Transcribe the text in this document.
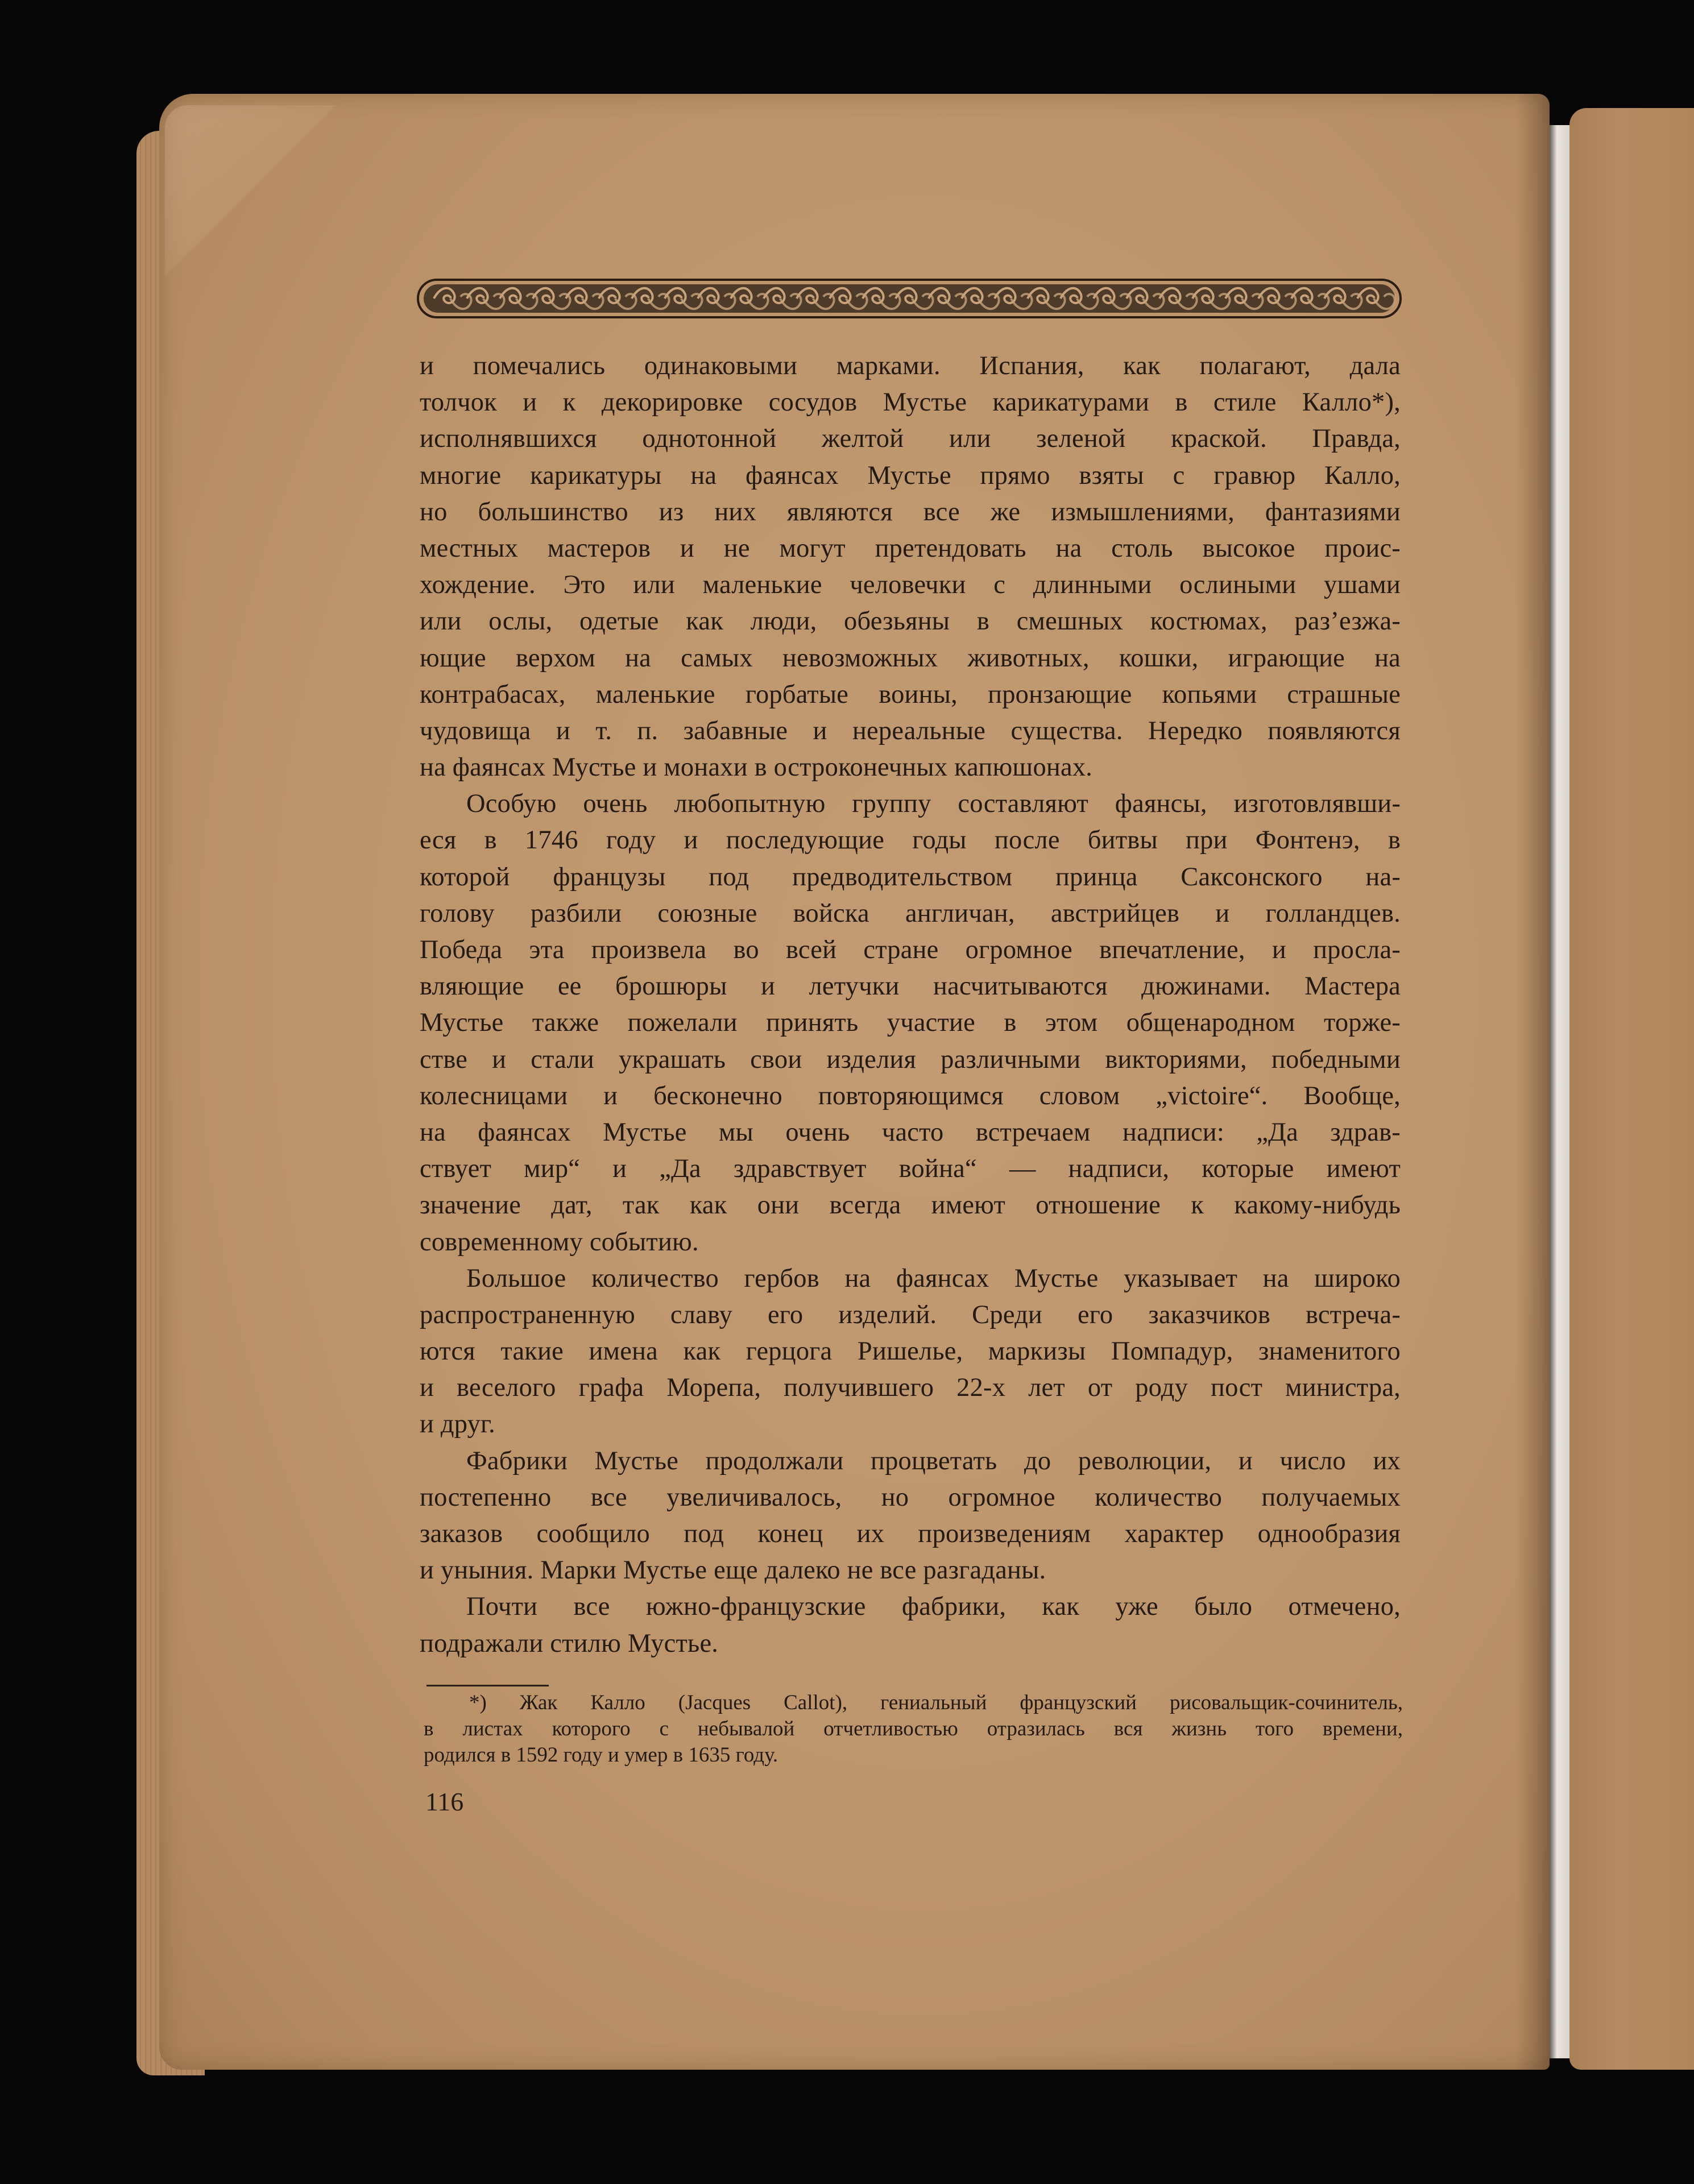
и помечались одинаковыми марками. Испания, как полагают, дала
толчок и к декорировке сосудов Мустье карикатурами в стиле Калло*),
исполнявшихся однотонной желтой или зеленой краской. Правда,
многие карикатуры на фаянсах Мустье прямо взяты с гравюр Калло,
но большинство из них являются все же измышлениями, фантазиями
местных мастеров и не могут претендовать на столь высокое проис-
хождение. Это или маленькие человечки с длинными ослиными ушами
или ослы, одетые как люди, обезьяны в смешных костюмах, раз’езжа-
ющие верхом на самых невозможных животных, кошки, играющие на
контрабасах, маленькие горбатые воины, пронзающие копьями страшные
чудовища и т. п. забавные и нереальные существа. Нередко появляются
на фаянсах Мустье и монахи в остроконечных капюшонах.
Особую очень любопытную группу составляют фаянсы, изготовлявши-
еся в 1746 году и последующие годы после битвы при Фонтенэ, в
которой французы под предводительством принца Саксонского на-
голову разбили союзные войска англичан, австрийцев и голландцев.
Победа эта произвела во всей стране огромное впечатление, и просла-
вляющие ее брошюры и летучки насчитываются дюжинами. Мастера
Мустье также пожелали принять участие в этом общенародном торже-
стве и стали украшать свои изделия различными викториями, победными
колесницами и бесконечно повторяющимся словом „victoire“. Вообще,
на фаянсах Мустье мы очень часто встречаем надписи: „Да здрав-
ствует мир“ и „Да здравствует война“ — надписи, которые имеют
значение дат, так как они всегда имеют отношение к какому-нибудь
современному событию.
Большое количество гербов на фаянсах Мустье указывает на широко
распространенную славу его изделий. Среди его заказчиков встреча-
ются такие имена как герцога Ришелье, маркизы Помпадур, знаменитого
и веселого графа Морепа, получившего 22-х лет от роду пост министра,
и друг.
Фабрики Мустье продолжали процветать до революции, и число их
постепенно все увеличивалось, но огромное количество получаемых
заказов сообщило под конец их произведениям характер однообразия
и уныния. Марки Мустье еще далеко не все разгаданы.
Почти все южно-французские фабрики, как уже было отмечено,
подражали стилю Мустье.
*) Жак Калло (Jacques Callot), гениальный французский рисовальщик-сочинитель,
в листах которого с небывалой отчетливостью отразилась вся жизнь того времени,
родился в 1592 году и умер в 1635 году.
116
